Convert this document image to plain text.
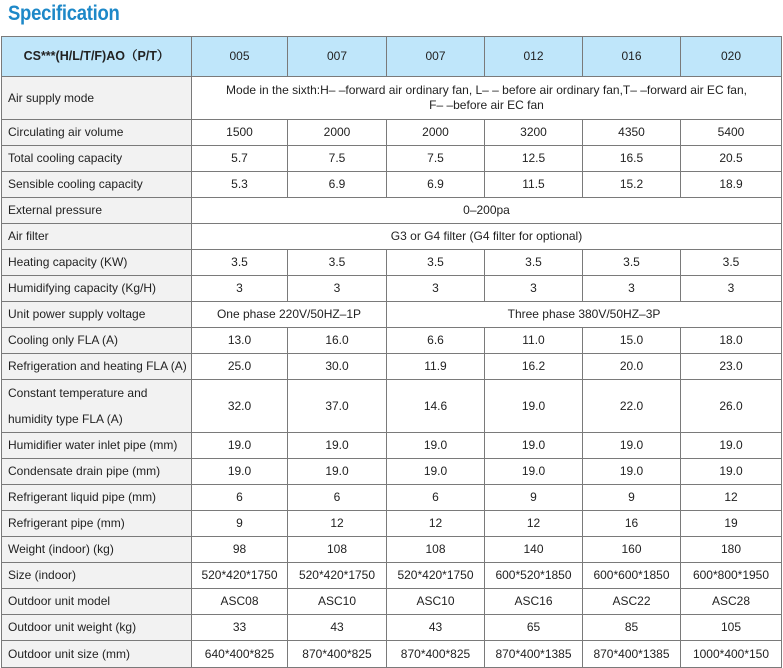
Specification
CS***(H/L/T/F)AO（P/T）	005	007	007	012	016	020
Air supply mode	Mode in the sixth:H– –forward air ordinary fan, L– – before air ordinary fan,T– –forward air EC fan,
F– –before air EC fan					

Circulating air volume	1500	2000	2000	3200	4350	5400
Total cooling capacity	5.7	7.5	7.5	12.5	16.5	20.5
Sensible cooling capacity	5.3	6.9	6.9	11.5	15.2	18.9
External pressure	0–200pa					
Air filter	G3 or G4 filter (G4 filter for optional)					
Heating capacity (KW)	3.5	3.5	3.5	3.5	3.5	3.5
Humidifying capacity (Kg/H)	3	3	3	3	3	3
Unit power supply voltage	One phase 220V/50HZ–1P		Three phase 380V/50HZ–3P			
Cooling only FLA (A)	13.0	16.0	6.6	11.0	15.0	18.0
Refrigeration and heating FLA (A)	25.0	30.0	11.9	16.2	20.0	23.0

Constant temperature and
humidity type FLA (A)	32.0	37.0	14.6	19.0	22.0	26.0
Humidifier water inlet pipe (mm)	19.0	19.0	19.0	19.0	19.0	19.0
Condensate drain pipe (mm)	19.0	19.0	19.0	19.0	19.0	19.0
Refrigerant liquid pipe (mm)	6	6	6	9	9	12
Refrigerant pipe (mm)	9	12	12	12	16	19
Weight (indoor) (kg)	98	108	108	140	160	180
Size (indoor)	520*420*1750	520*420*1750	520*420*1750	600*520*1850	600*600*1850	600*800*1950
Outdoor unit model	ASC08	ASC10	ASC10	ASC16	ASC22	ASC28
Outdoor unit weight (kg)	33	43	43	65	85	105
Outdoor unit size (mm)	640*400*825	870*400*825	870*400*825	870*400*1385	870*400*1385	1000*400*150
